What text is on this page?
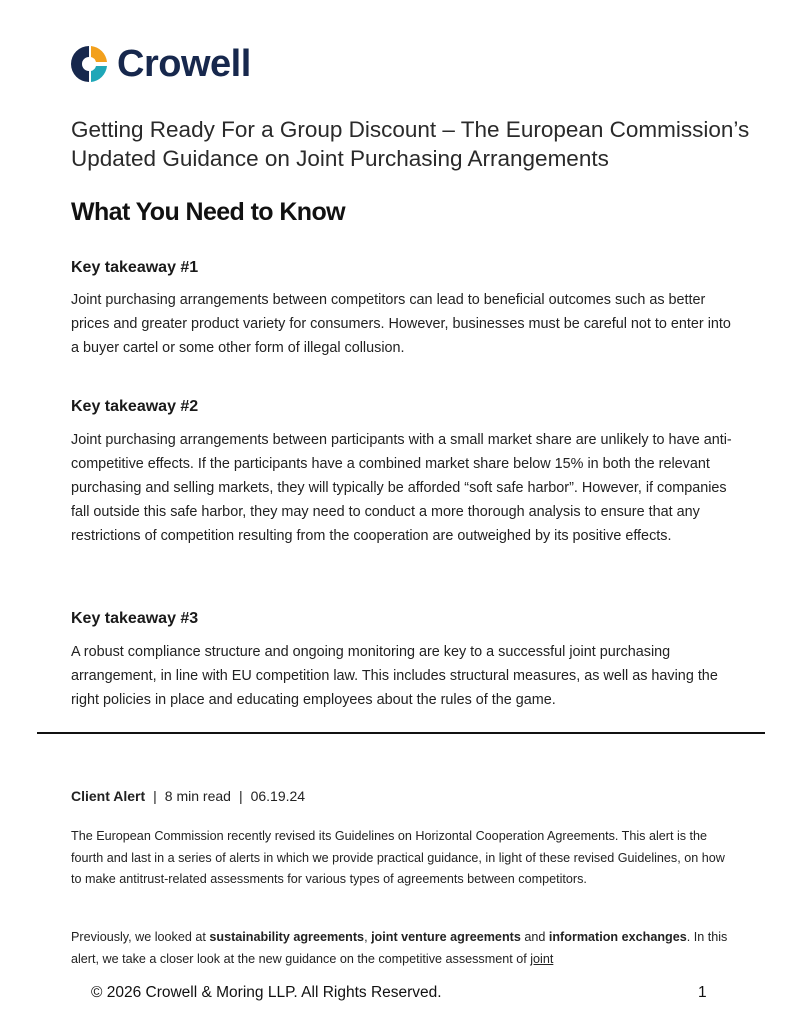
Crowell
Getting Ready For a Group Discount – The European Commission’s Updated Guidance on Joint Purchasing Arrangements
What You Need to Know
Key takeaway #1

Joint purchasing arrangements between competitors can lead to beneficial outcomes such as better prices and greater product variety for consumers. However, businesses must be careful not to enter into a buyer cartel or some other form of illegal collusion.

Key takeaway #2

Joint purchasing arrangements between participants with a small market share are unlikely to have anti-competitive effects. If the participants have a combined market share below 15% in both the relevant purchasing and selling markets, they will typically be afforded “soft safe harbor”. However, if companies fall outside this safe harbor, they may need to conduct a more thorough analysis to ensure that any restrictions of competition resulting from the cooperation are outweighed by its positive effects.

Key takeaway #3

A robust compliance structure and ongoing monitoring are key to a successful joint purchasing arrangement, in line with EU competition law. This includes structural measures, as well as having the right policies in place and educating employees about the rules of the game.

Client Alert | 8 min read | 06.19.24

The European Commission recently revised its Guidelines on Horizontal Cooperation Agreements. This alert is the fourth and last in a series of alerts in which we provide practical guidance, in light of these revised Guidelines, on how to make antitrust-related assessments for various types of agreements between competitors.

Previously, we looked at sustainability agreements, joint venture agreements and information exchanges. In this alert, we take a closer look at the new guidance on the competitive assessment of joint

© 2026 Crowell & Moring LLP. All Rights Reserved.	1
